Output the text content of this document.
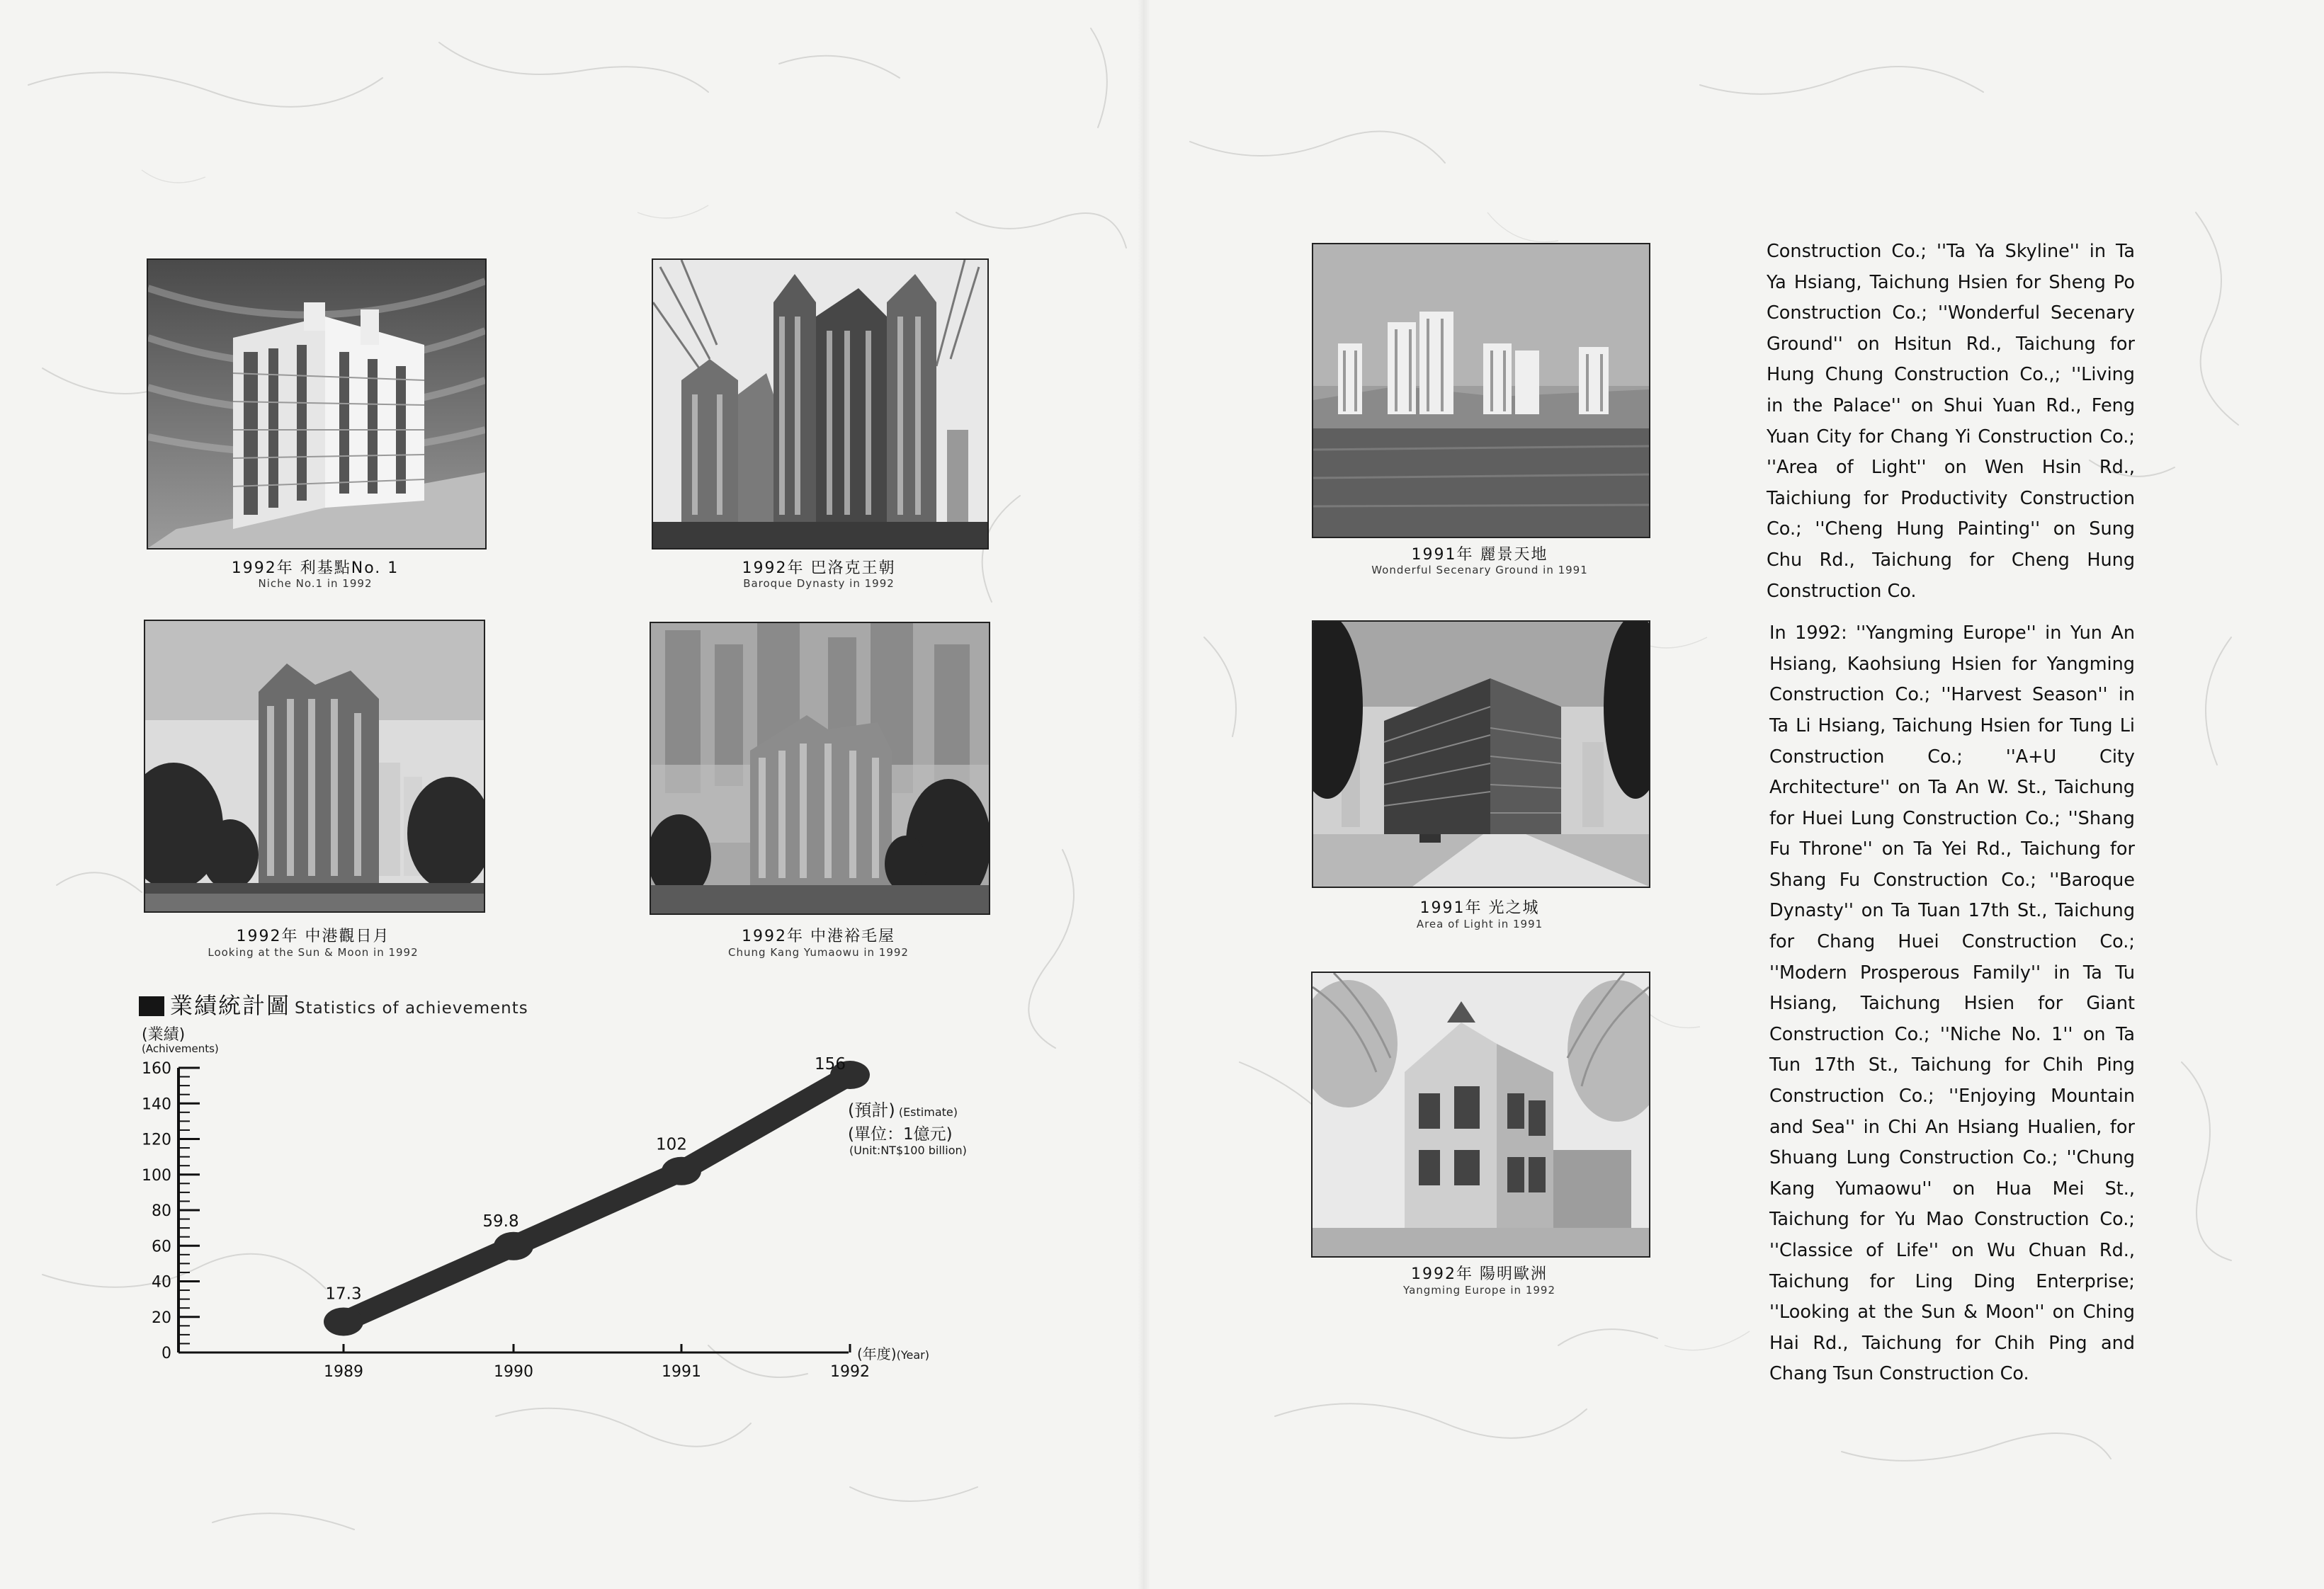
1992年 利基點No. 1
Niche No.1 in 1992
1992年 巴洛克王朝
Baroque Dynasty in 1992
1992年 中港觀日月
Looking at the Sun & Moon in 1992
1992年 中港裕毛屋
Chung Kang Yumaowu in 1992
1991年 麗景天地
Wonderful Secenary Ground in 1991
1991年 光之城
Area of Light in 1991
1992年 陽明歐洲
Yangming Europe in 1992
業績統計圖 Statistics of achievements
(業績)
(Achivements)
0
20
40
60
80
100
120
140
160
1989	1990	1991	1992
17.3
59.8
102
156
(預計) (Estimate)
(單位：1億元)
(Unit:NT$100 billion)
(年度)(Year)

Construction Co.; ''Ta Ya Skyline'' in Ta Ya Hsiang, Taichung Hsien for Sheng Po Construction Co.; ''Wonderful Secenary Ground'' on Hsitun Rd., Taichung for Hung Chung Construction Co.,; ''Living in the Palace'' on Shui Yuan Rd., Feng Yuan City for Chang Yi Construction Co.; ''Area of Light'' on Wen Hsin Rd., Taichiung for Productivity Construction Co.; ''Cheng Hung Painting'' on Sung Chu Rd., Taichung for Cheng Hung Construction Co.

In 1992: ''Yangming Europe'' in Yun An Hsiang, Kaohsiung Hsien for Yangming Construction Co.; ''Harvest Season'' in Ta Li Hsiang, Taichung Hsien for Tung Li Construction Co.; ''A+U City Architecture'' on Ta An W. St., Taichung for Huei Lung Construction Co.; ''Shang Fu Throne'' on Ta Yei Rd., Taichung for Shang Fu Construction Co.; ''Baroque Dynasty'' on Ta Tuan 17th St., Taichung for Chang Huei Construction Co.; ''Modern Prosperous Family'' in Ta Tu Hsiang, Taichung Hsien for Giant Construction Co.; ''Niche No. 1'' on Ta Tun 17th St., Taichung for Chih Ping Construction Co.; ''Enjoying Mountain and Sea'' in Chi An Hsiang Hualien, for Shuang Lung Construction Co.; ''Chung Kang Yumaowu'' on Hua Mei St., Taichung for Yu Mao Construction Co.; ''Classice of Life'' on Wu Chuan Rd., Taichung for Ling Ding Enterprise; ''Looking at the Sun & Moon'' on Ching Hai Rd., Taichung for Chih Ping and Chang Tsun Construction Co.
